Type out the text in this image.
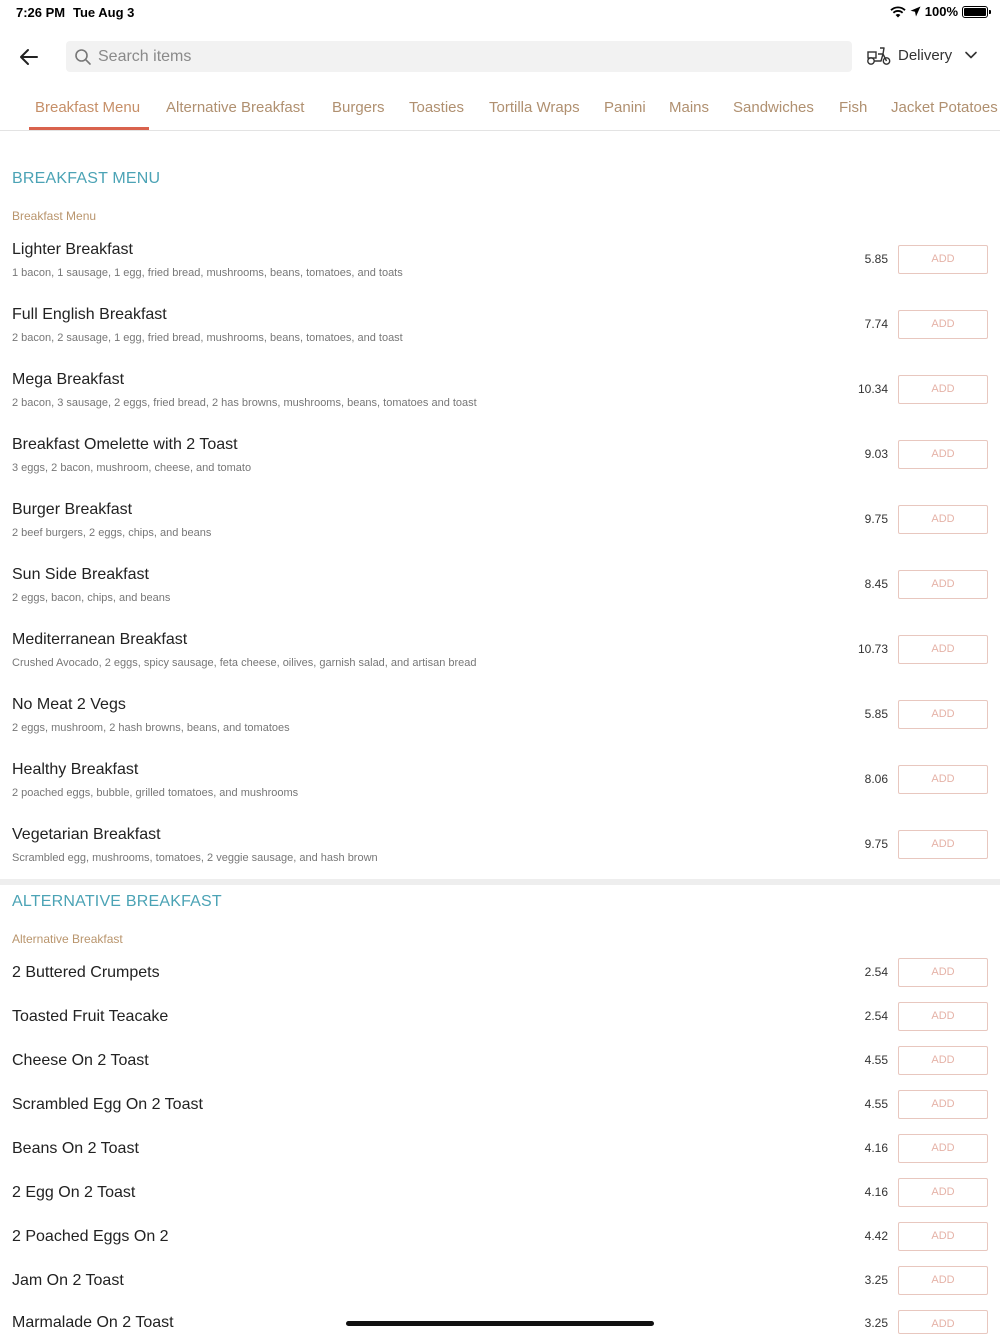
7:26 PM Tue Aug 3	100%
Search items
Delivery
Breakfast Menu Alternative Breakfast Burgers Toasties Tortilla Wraps Panini Mains Sandwiches Fish Jacket Potatoes
BREAKFAST MENU
Breakfast Menu
Lighter Breakfast
1 bacon, 1 sausage, 1 egg, fried bread, mushrooms, beans, tomatoes, and toats
5.85	ADD
Full English Breakfast
2 bacon, 2 sausage, 1 egg, fried bread, mushrooms, beans, tomatoes, and toast
7.74	ADD
Mega Breakfast
2 bacon, 3 sausage, 2 eggs, fried bread, 2 has browns, mushrooms, beans, tomatoes and toast
10.34	ADD
Breakfast Omelette with 2 Toast
3 eggs, 2 bacon, mushroom, cheese, and tomato
9.03	ADD
Burger Breakfast
2 beef burgers, 2 eggs, chips, and beans
9.75	ADD
Sun Side Breakfast
2 eggs, bacon, chips, and beans
8.45	ADD
Mediterranean Breakfast
Crushed Avocado, 2 eggs, spicy sausage, feta cheese, oilives, garnish salad, and artisan bread
10.73	ADD
No Meat 2 Vegs
2 eggs, mushroom, 2 hash browns, beans, and tomatoes
5.85	ADD
Healthy Breakfast
2 poached eggs, bubble, grilled tomatoes, and mushrooms
8.06	ADD
Vegetarian Breakfast
Scrambled egg, mushrooms, tomatoes, 2 veggie sausage, and hash brown
9.75	ADD
ALTERNATIVE BREAKFAST
Alternative Breakfast
2 Buttered Crumpets	2.54	ADD
Toasted Fruit Teacake	2.54	ADD
Cheese On 2 Toast	4.55	ADD
Scrambled Egg On 2 Toast	4.55	ADD
Beans On 2 Toast	4.16	ADD
2 Egg On 2 Toast	4.16	ADD
2 Poached Eggs On 2	4.42	ADD
Jam On 2 Toast	3.25	ADD
Marmalade On 2 Toast	3.25	ADD
